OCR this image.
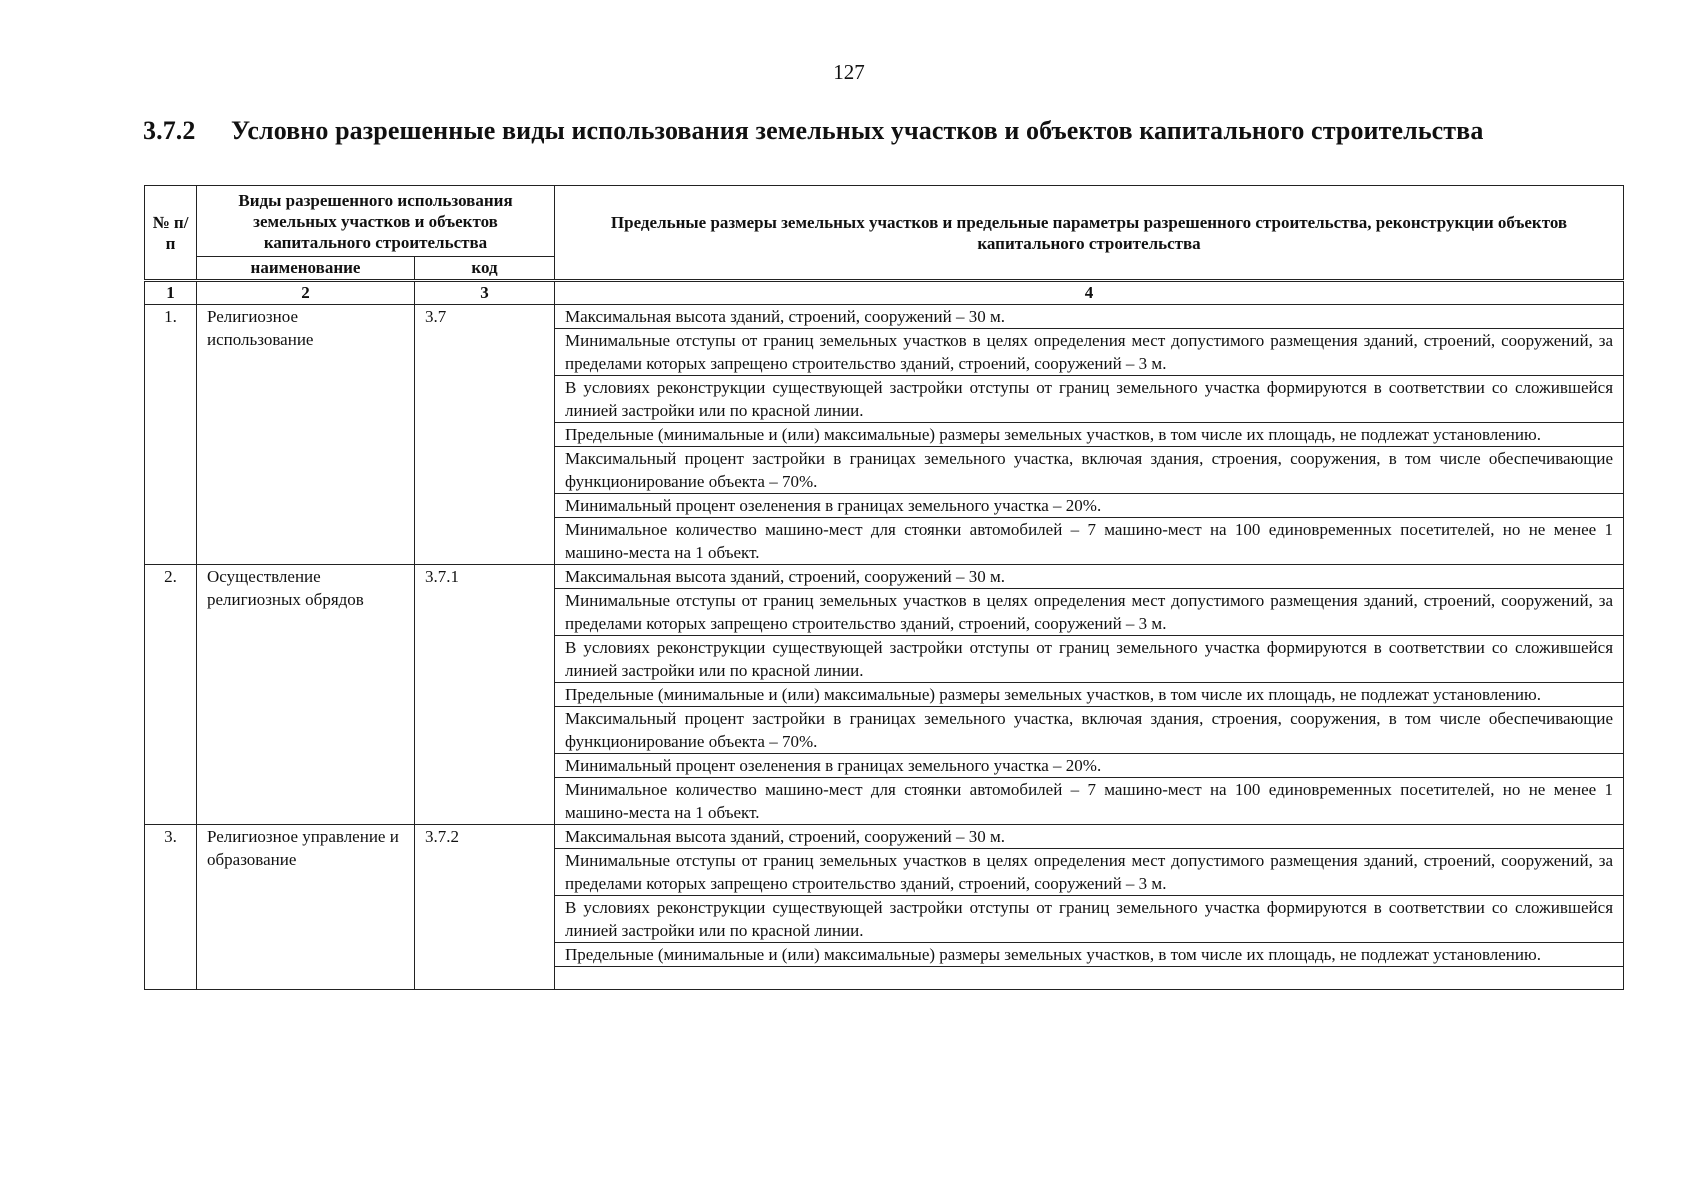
127
3.7.2 Условно разрешенные виды использования земельных участков и объектов капитального строительства
№ п/п	Виды разрешенного использования земельных участков и объектов капитального строительства		Предельные размеры земельных участков и предельные параметры разрешенного строительства, реконструкции объектов капитального строительства
	наименование	код	
1	2	3	4
1.	Религиозное использование	3.7	Максимальная высота зданий, строений, сооружений – 30 м.
			Минимальные отступы от границ земельных участков в целях определения мест допустимого размещения зданий, строений, сооружений, за пределами которых запрещено строительство зданий, строений, сооружений – 3 м.
			В условиях реконструкции существующей застройки отступы от границ земельного участка формируются в соответствии со сложившейся линией застройки или по красной линии.
			Предельные (минимальные и (или) максимальные) размеры земельных участков, в том числе их площадь, не подлежат установлению.
			Максимальный процент застройки в границах земельного участка, включая здания, строения, сооружения, в том числе обеспечивающие функционирование объекта – 70%.
			Минимальный процент озеленения в границах земельного участка – 20%.
			Минимальное количество машино-мест для стоянки автомобилей – 7 машино-мест на 100 единовременных посетителей, но не менее 1 машино-места на 1 объект.
2.	Осуществление религиозных обрядов	3.7.1	Максимальная высота зданий, строений, сооружений – 30 м.
			Минимальные отступы от границ земельных участков в целях определения мест допустимого размещения зданий, строений, сооружений, за пределами которых запрещено строительство зданий, строений, сооружений – 3 м.
			В условиях реконструкции существующей застройки отступы от границ земельного участка формируются в соответствии со сложившейся линией застройки или по красной линии.
			Предельные (минимальные и (или) максимальные) размеры земельных участков, в том числе их площадь, не подлежат установлению.
			Максимальный процент застройки в границах земельного участка, включая здания, строения, сооружения, в том числе обеспечивающие функционирование объекта – 70%.
			Минимальный процент озеленения в границах земельного участка – 20%.
			Минимальное количество машино-мест для стоянки автомобилей – 7 машино-мест на 100 единовременных посетителей, но не менее 1 машино-места на 1 объект.
3.	Религиозное управление и образование	3.7.2	Максимальная высота зданий, строений, сооружений – 30 м.
			Минимальные отступы от границ земельных участков в целях определения мест допустимого размещения зданий, строений, сооружений, за пределами которых запрещено строительство зданий, строений, сооружений – 3 м.
			В условиях реконструкции существующей застройки отступы от границ земельного участка формируются в соответствии со сложившейся линией застройки или по красной линии.
			Предельные (минимальные и (или) максимальные) размеры земельных участков, в том числе их площадь, не подлежат установлению.
